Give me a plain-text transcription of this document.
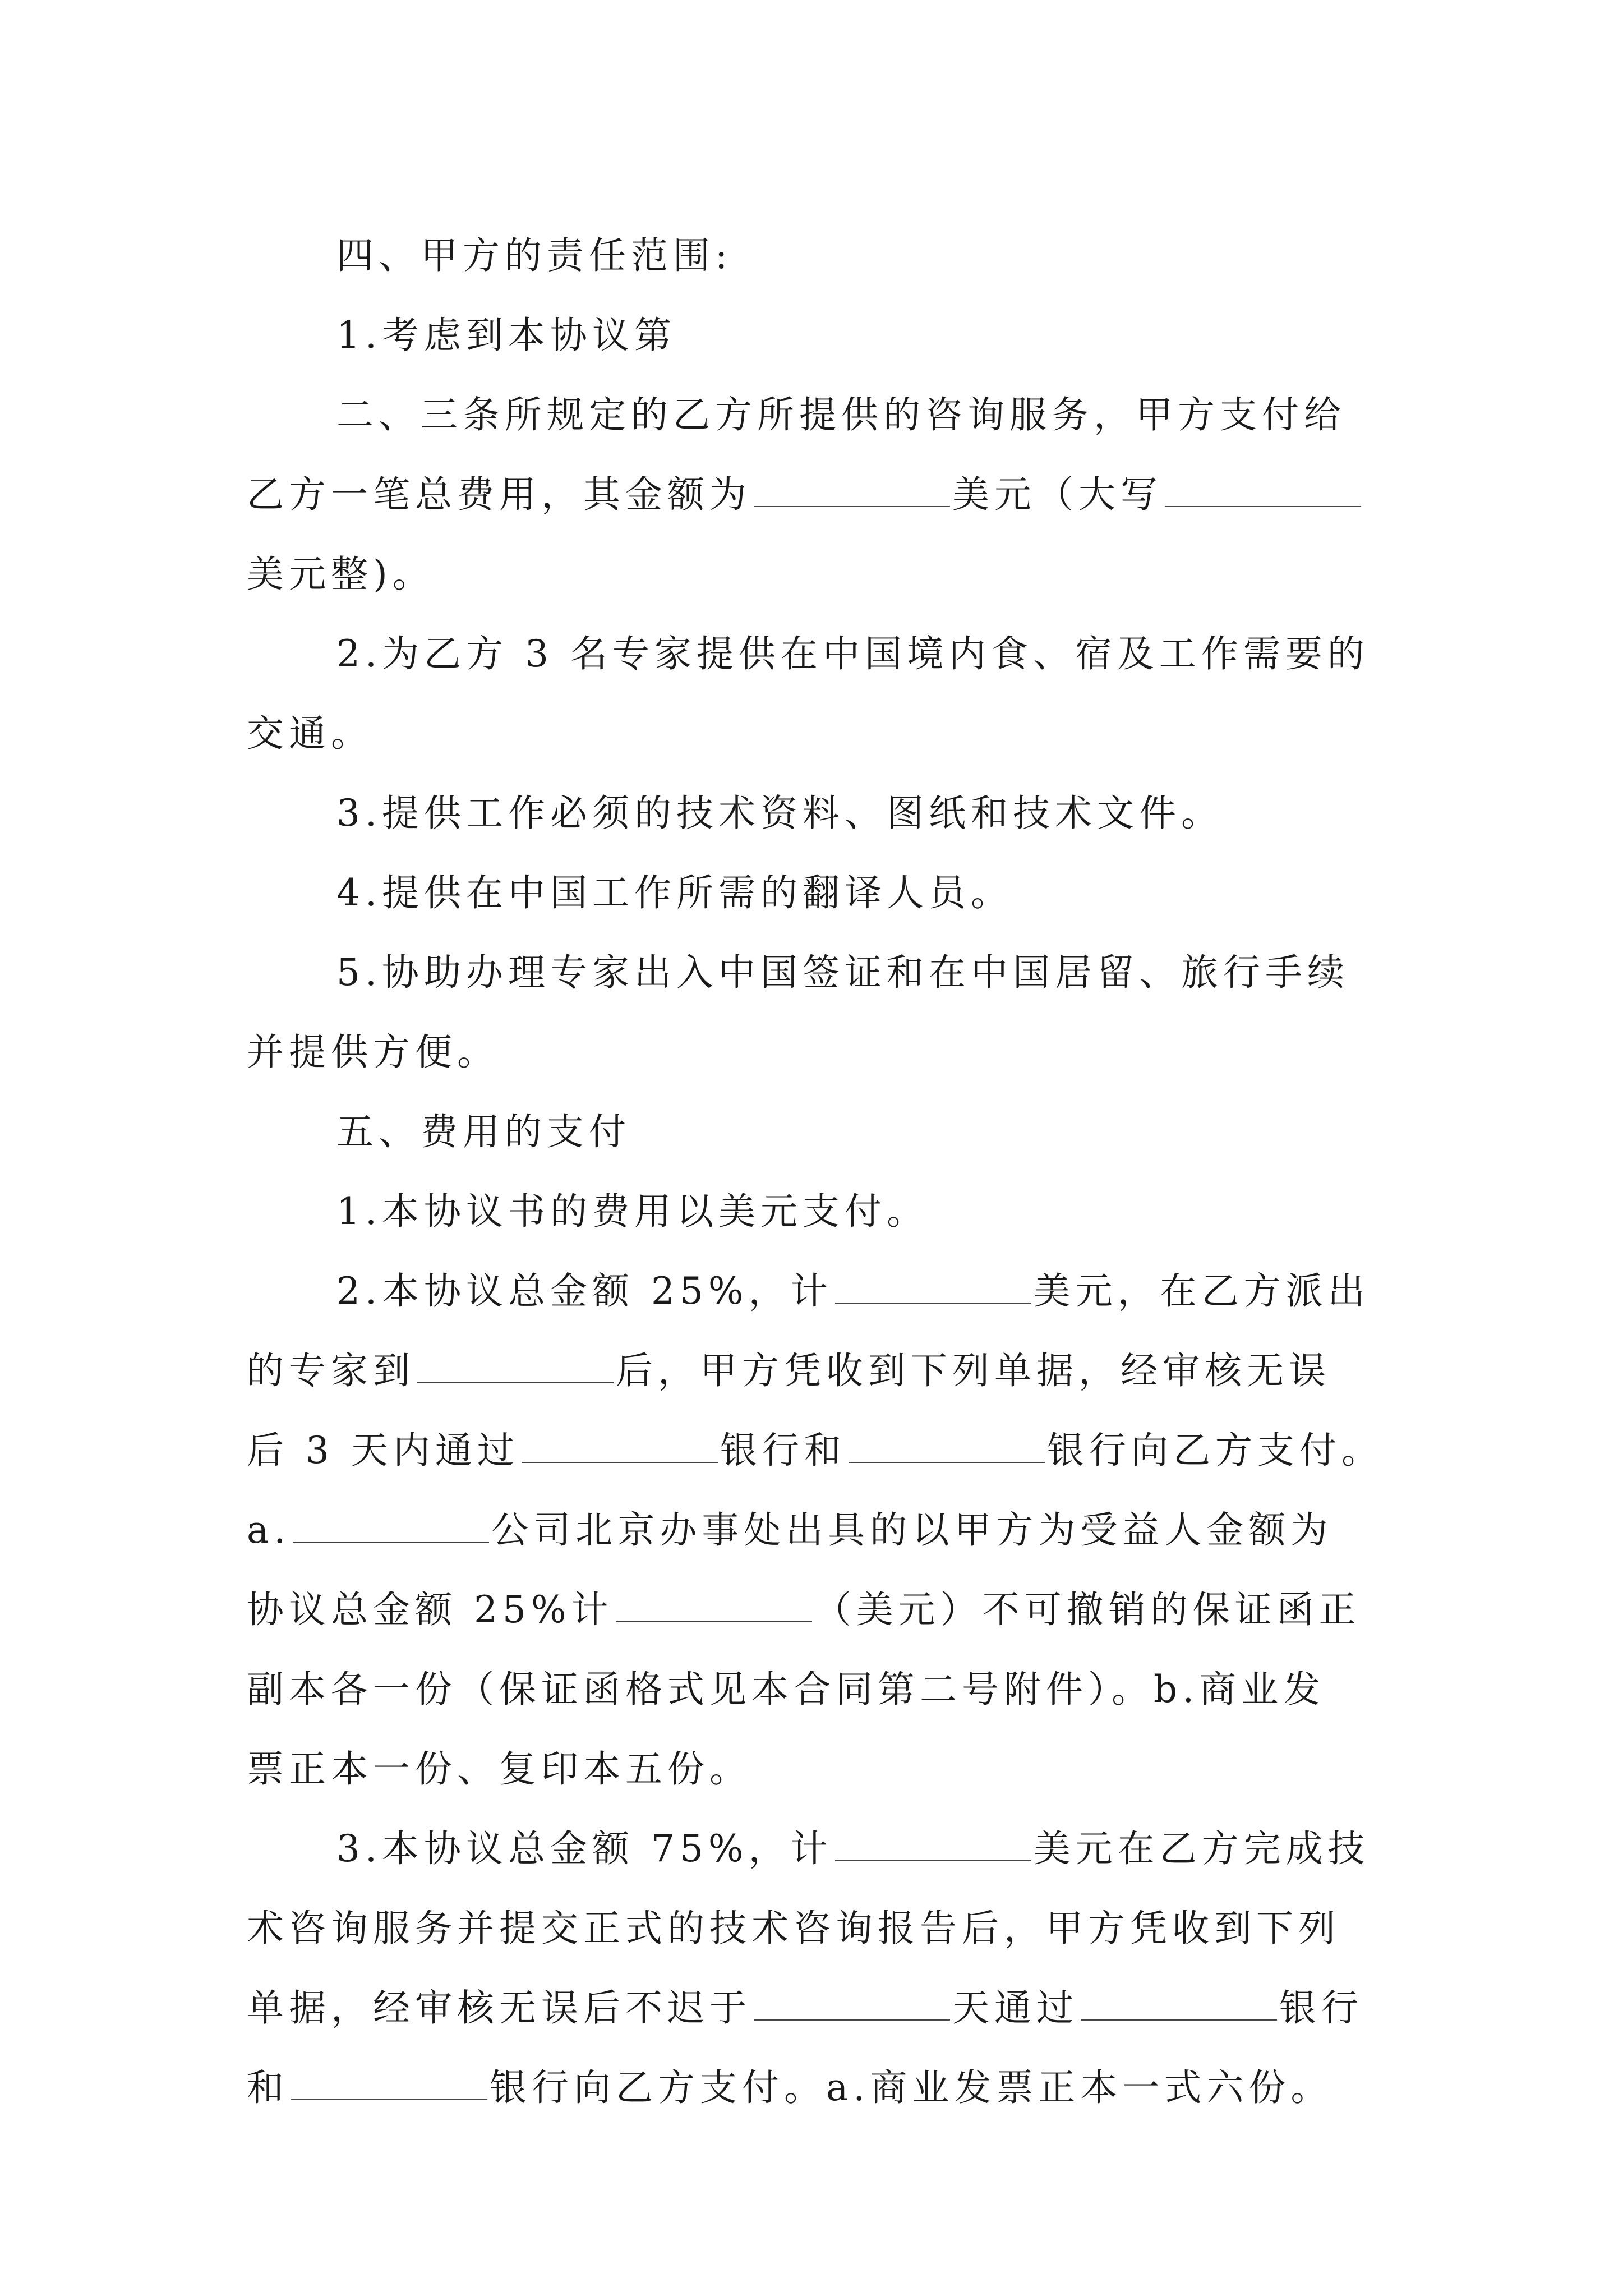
四、甲方的责任范围:

1.考虑到本协议第

二、三条所规定的乙方所提供的咨询服务，甲方支付给

乙方一笔总费用，其金额为	美元（大写

美元整)。

2.为乙方 3 名专家提供在中国境内食、宿及工作需要的

交通。

3.提供工作必须的技术资料、图纸和技术文件。

4.提供在中国工作所需的翻译人员。

5.协助办理专家出入中国签证和在中国居留、旅行手续

并提供方便。

五、费用的支付

1.本协议书的费用以美元支付。

2.本协议总金额 25%，计	美元，在乙方派出

的专家到	后，甲方凭收到下列单据，经审核无误

后 3 天内通过	银行和	银行向乙方支付。

a.	公司北京办事处出具的以甲方为受益人金额为

协议总金额 25%计	（美元）不可撤销的保证函正

副本各一份（保证函格式见本合同第二号附件）。b.商业发

票正本一份、复印本五份。

3.本协议总金额 75%，计	美元在乙方完成技

术咨询服务并提交正式的技术咨询报告后，甲方凭收到下列

单据，经审核无误后不迟于	天通过	银行

和	银行向乙方支付。a.商业发票正本一式六份。
